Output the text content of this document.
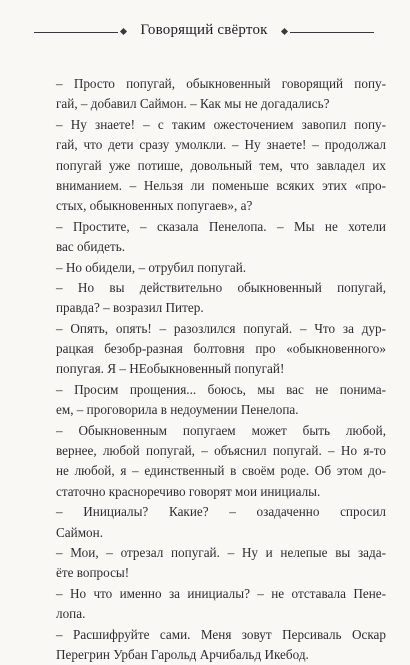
Говорящий свёрток
– Просто попугай, обыкновенный говорящий попу-
гай, – добавил Саймон. – Как мы не догадались?
– Ну знаете! – с таким ожесточением завопил попу-
гай, что дети сразу умолкли. – Ну знаете! – продолжал
попугай уже потише, довольный тем, что завладел их
вниманием. – Нельзя ли поменьше всяких этих «про-
стых, обыкновенных попугаев», а?
– Простите, – сказала Пенелопа. – Мы не хотели
вас обидеть.
– Но обидели, – отрубил попугай.
– Но вы действительно обыкновенный попугай,
правда? – возразил Питер.
– Опять, опять! – разозлился попугай. – Что за дур-
рацкая безобр-разная болтовня про «обыкновенного»
попугая. Я – НЕобыкновенный попугай!
– Просим прощения... боюсь, мы вас не понима-
ем, – проговорила в недоумении Пенелопа.
– Обыкновенным попугаем может быть любой,
вернее, любой попугай, – объяснил попугай. – Но я-то
не любой, я – единственный в своём роде. Об этом до-
статочно красноречиво говорят мои инициалы.
– Инициалы? Какие? – озадаченно спросил
Саймон.
– Мои, – отрезал попугай. – Ну и нелепые вы зада-
ёте вопросы!
– Но что именно за инициалы? – не отставала Пене-
лопа.
– Расшифруйте сами. Меня зовут Персиваль Оскар
Перегрин Урбан Гарольд Арчибальд Икебод.
